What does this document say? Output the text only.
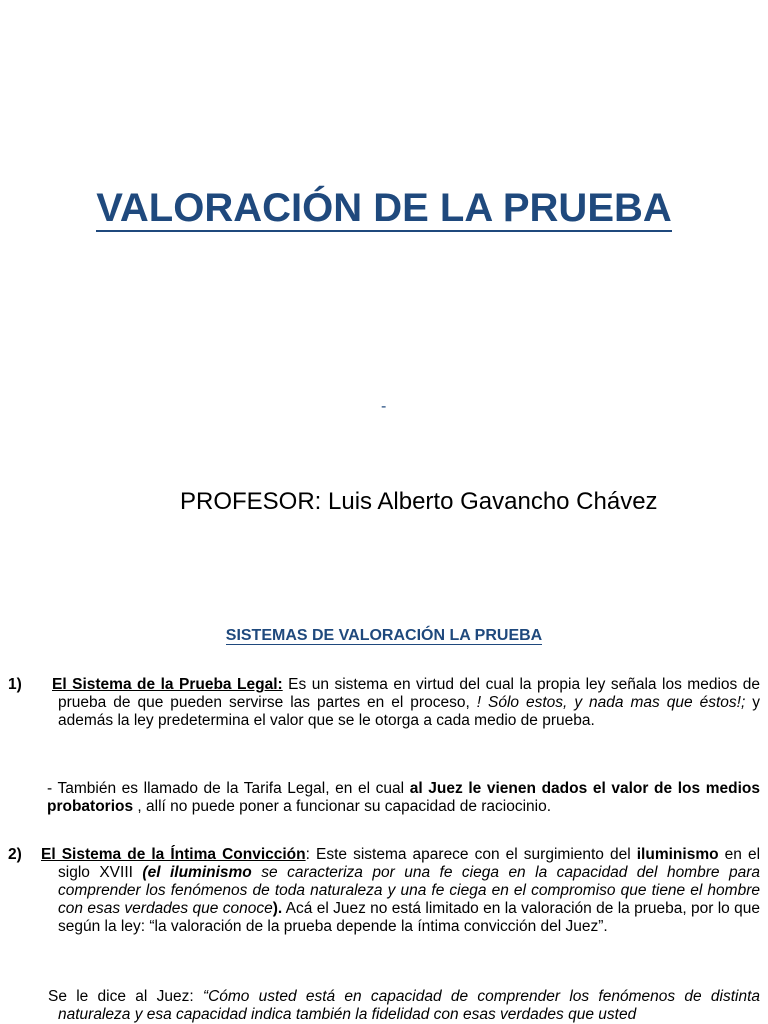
VALORACIÓN DE LA PRUEBA
-
PROFESOR: Luis Alberto Gavancho Chávez
SISTEMAS DE VALORACIÓN LA PRUEBA
1) El Sistema de la Prueba Legal: Es un sistema en virtud del cual la propia ley señala los medios de prueba de que pueden servirse las partes en el proceso, ! Sólo estos, y nada mas que éstos!; y además la ley predetermina el valor que se le otorga a cada medio de prueba.
- También es llamado de la Tarifa Legal, en el cual al Juez le vienen dados el valor de los medios probatorios , allí no puede poner a funcionar su capacidad de raciocinio.
2) El Sistema de la Íntima Convicción: Este sistema aparece con el surgimiento del iluminismo en el siglo XVIII (el iluminismo se caracteriza por una fe ciega en la capacidad del hombre para comprender los fenómenos de toda naturaleza y una fe ciega en el compromiso que tiene el hombre con esas verdades que conoce). Acá el Juez no está limitado en la valoración de la prueba, por lo que según la ley: “la valoración de la prueba depende la íntima convicción del Juez”.
Se le dice al Juez: “Cómo usted está en capacidad de comprender los fenómenos de distinta naturaleza y esa capacidad indica también la fidelidad con esas verdades que usted
